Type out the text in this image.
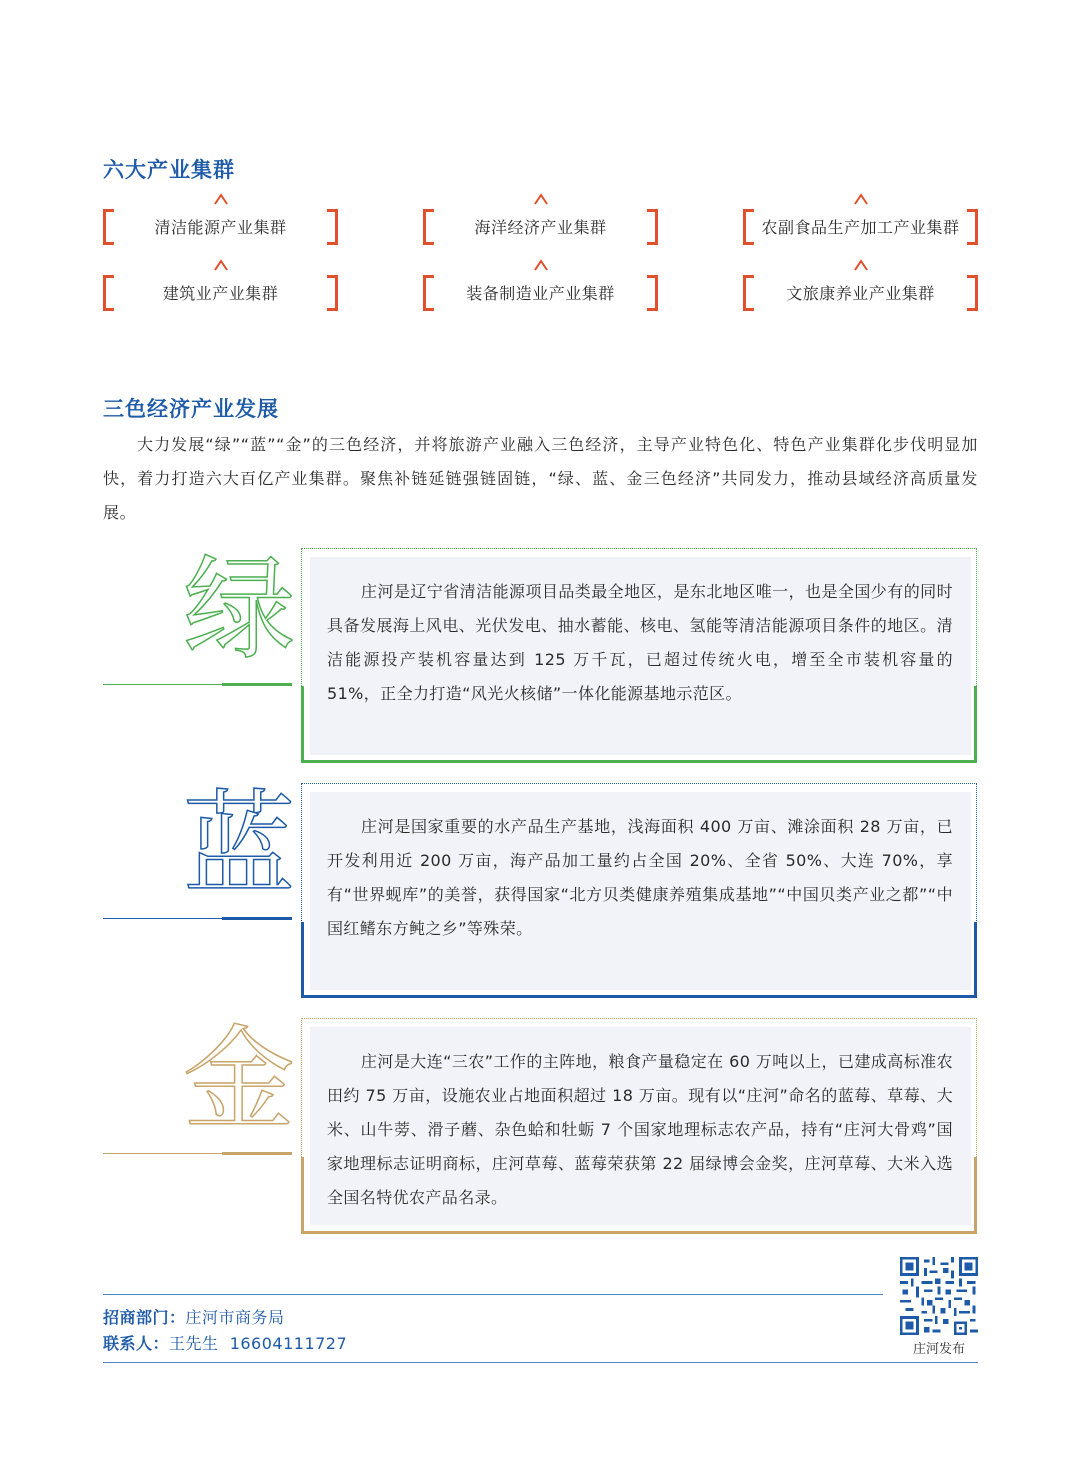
六大产业集群
清洁能源产业集群	海洋经济产业集群	农副食品生产加工产业集群
建筑业产业集群	装备制造业产业集群	文旅康养业产业集群
三色经济产业发展

大力发展“绿”“蓝”“金”的三色经济，并将旅游产业融入三色经济，主导产业特色化、特色产业集群化步伐明显加快，着力打造六大百亿产业集群。聚焦补链延链强链固链，“绿、蓝、金三色经济”共同发力，推动县域经济高质量发展。

绿	庄河是辽宁省清洁能源项目品类最全地区，是东北地区唯一，也是全国少有的同时具备发展海上风电、光伏发电、抽水蓄能、核电、氢能等清洁能源项目条件的地区。清洁能源投产装机容量达到 125 万千瓦，已超过传统火电，增至全市装机容量的 51%，正全力打造“风光火核储”一体化能源基地示范区。

蓝	庄河是国家重要的水产品生产基地，浅海面积 400 万亩、滩涂面积 28 万亩，已开发利用近 200 万亩，海产品加工量约占全国 20%、全省 50%、大连 70%，享有“世界蚬库”的美誉，获得国家“北方贝类健康养殖集成基地”“中国贝类产业之都”“中国红鳍东方鲀之乡”等殊荣。

金	庄河是大连“三农”工作的主阵地，粮食产量稳定在 60 万吨以上，已建成高标准农田约 75 万亩，设施农业占地面积超过 18 万亩。现有以“庄河”命名的蓝莓、草莓、大米、山牛蒡、滑子蘑、杂色蛤和牡蛎 7 个国家地理标志农产品，持有“庄河大骨鸡”国家地理标志证明商标，庄河草莓、蓝莓荣获第 22 届绿博会金奖，庄河草莓、大米入选全国名特优农产品名录。

招商部门：庄河市商务局
联系人：王先生  16604111727	庄河发布
